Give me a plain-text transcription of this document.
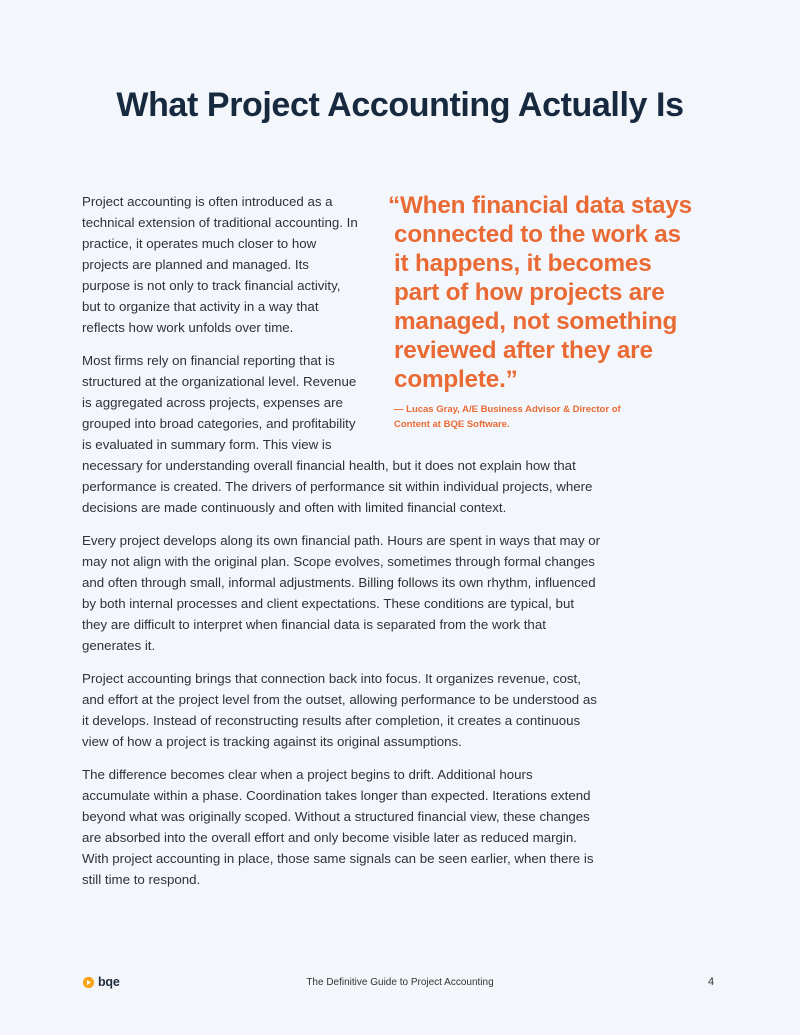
What Project Accounting Actually Is

“When financial data stays connected to the work as it happens, it becomes part of how projects are managed, not something reviewed after they are complete.”

— Lucas Gray, A/E Business Advisor & Director of Content at BQE Software.

Project accounting is often introduced as a technical extension of traditional accounting. In practice, it operates much closer to how projects are planned and managed. Its purpose is not only to track financial activity, but to organize that activity in a way that reflects how work unfolds over time.

Most firms rely on financial reporting that is structured at the organizational level. Revenue is aggregated across projects, expenses are grouped into broad categories, and profitability is evaluated in summary form. This view is necessary for understanding overall financial health, but it does not explain how that performance is created. The drivers of performance sit within individual projects, where decisions are made continuously and often with limited financial context.

Every project develops along its own financial path. Hours are spent in ways that may or may not align with the original plan. Scope evolves, sometimes through formal changes and often through small, informal adjustments. Billing follows its own rhythm, influenced by both internal processes and client expectations. These conditions are typical, but they are difficult to interpret when financial data is separated from the work that generates it.

Project accounting brings that connection back into focus. It organizes revenue, cost, and effort at the project level from the outset, allowing performance to be understood as it develops. Instead of reconstructing results after completion, it creates a continuous view of how a project is tracking against its original assumptions.

The difference becomes clear when a project begins to drift. Additional hours accumulate within a phase. Coordination takes longer than expected. Iterations extend beyond what was originally scoped. Without a structured financial view, these changes are absorbed into the overall effort and only become visible later as reduced margin. With project accounting in place, those same signals can be seen earlier, when there is still time to respond.

bqe	The Definitive Guide to Project Accounting	4
